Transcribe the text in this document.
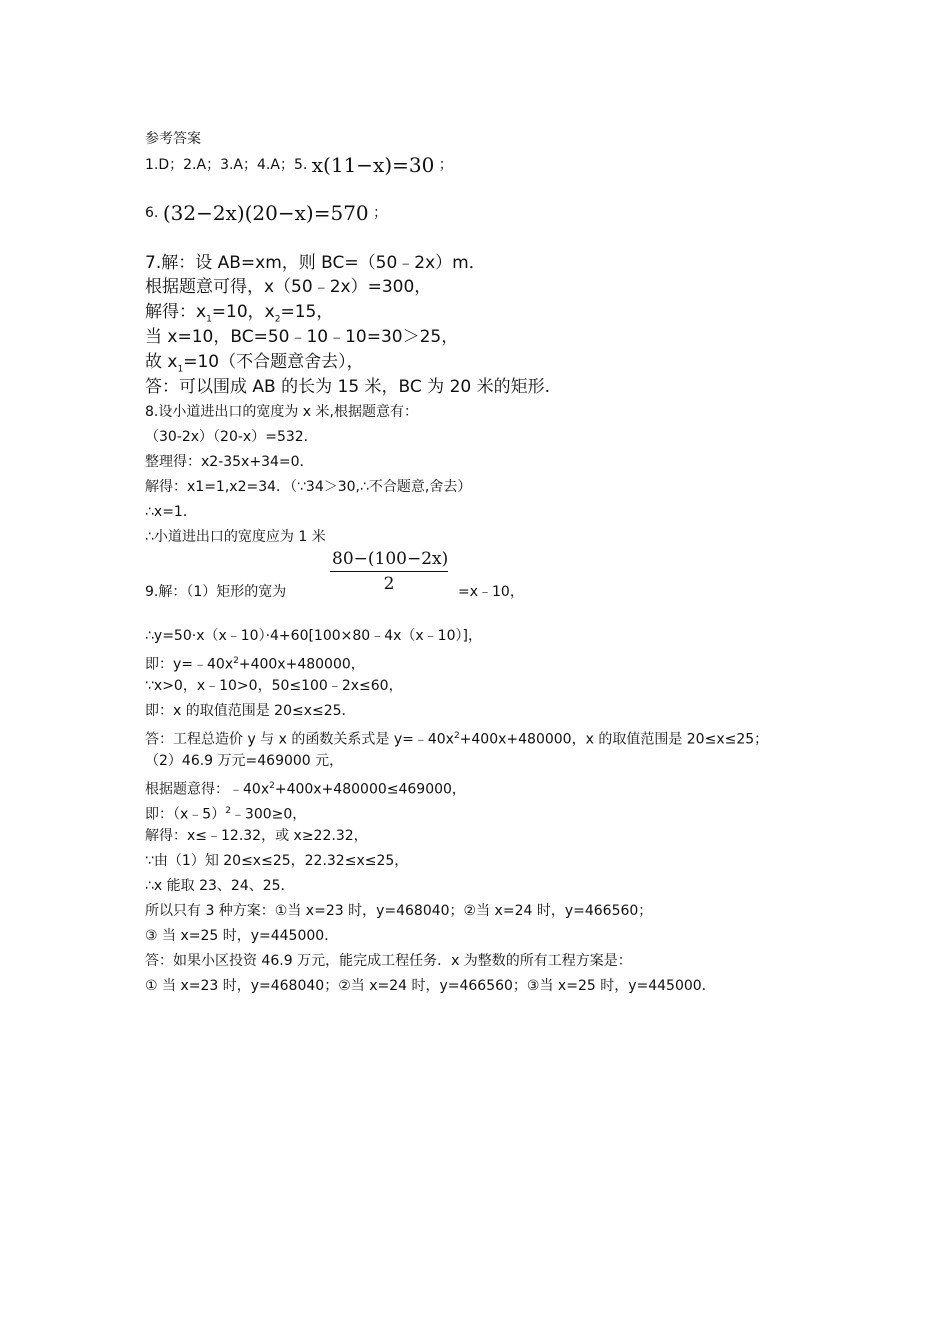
参考答案
1.D；2.A；3.A；4.A；5. x(11−x)=30 ；
6. (32−2x)(20−x)=570 ；
7.解：设 AB=xm，则 BC=（50﹣2x）m．
根据题意可得，x（50﹣2x）=300，
解得：$x_1=10$，$x_2=15$，
当 x=10，BC=50﹣10﹣10=30＞25，
故 $x_1=10$（不合题意舍去），
答：可以围成 AB 的长为 15 米，BC 为 20 米的矩形.
8.设小道进出口的宽度为 x 米,根据题意有：
（30-2x）（20-x）=532．
整理得：x2-35x+34=0．
解得：x1=1,x2=34．（∵34＞30,∴不合题意,舍去）
∴x=1．
∴小道进出口的宽度应为 1 米
9.解：（1）矩形的宽为	$\frac{80-(100-2x)}{2}$ =x﹣10，
∴y=50·x（x﹣10）·4+60[100×80﹣4x（x﹣10）]，
即：$y=﹣40x^2+400x+480000$，
∵x>0，x﹣10>0，50≤100﹣2x≤60，
即：x 的取值范围是 20≤x≤25．
答：工程总造价 y 与 x 的函数关系式是 $y=﹣40x^2+400x+480000$，x 的取值范围是 20≤x≤25；
（2）46.9 万元=469000 元，
根据题意得：$﹣40x^2+400x+480000\le 469000$，
即：（x﹣5）$^2$﹣300≥0，
解得：x≤﹣12.32，或 x≥22.32，
∵由（1）知 20≤x≤25，22.32≤x≤25，
∴x 能取 23、24、25．
所以只有 3 种方案：①当 x=23 时，y=468040；②当 x=24 时，y=466560；
③ 当 x=25 时，y=445000．
答：如果小区投资 46.9 万元，能完成工程任务．x 为整数的所有工程方案是：
① 当 x=23 时，y=468040；②当 x=24 时，y=466560；③当 x=25 时，y=445000．
